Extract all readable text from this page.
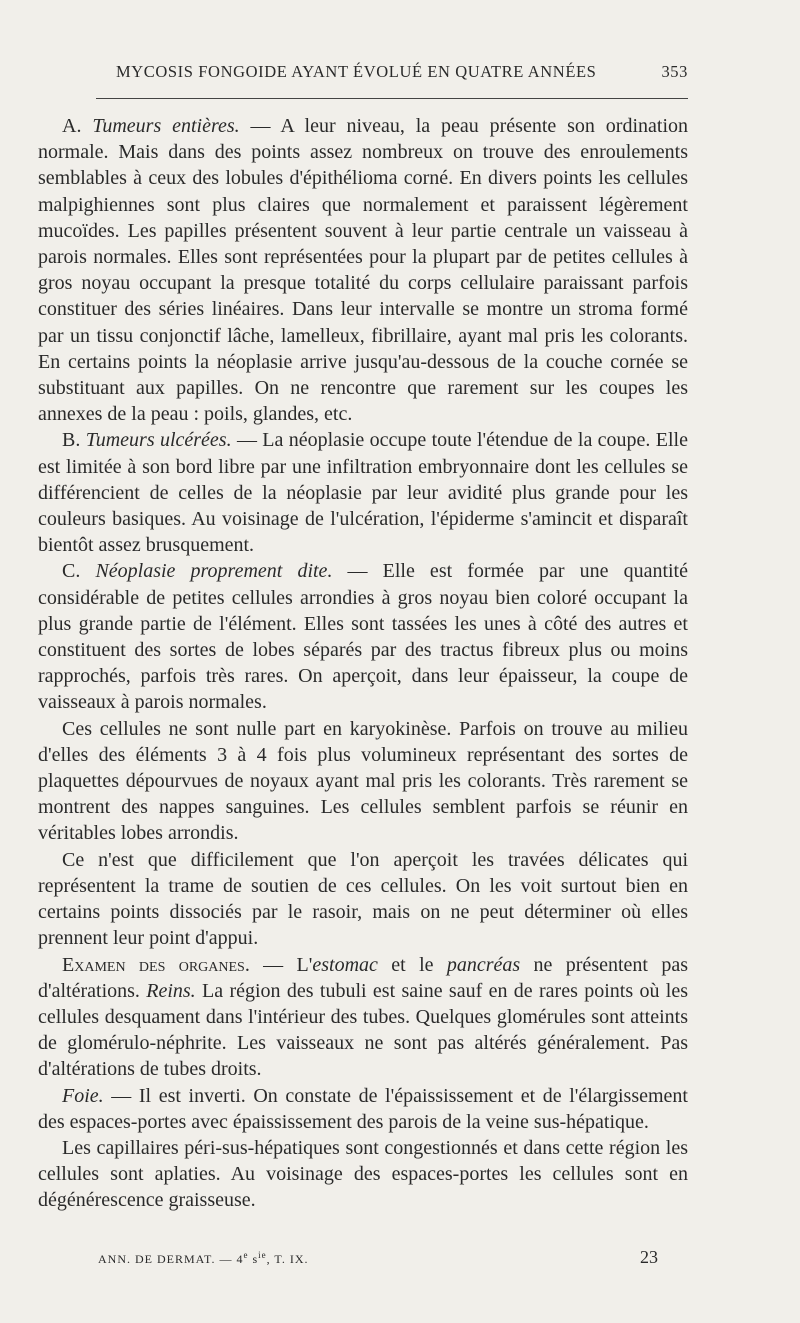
MYCOSIS FONGOIDE AYANT ÉVOLUÉ EN QUATRE ANNÉES	353

A. Tumeurs entières. — A leur niveau, la peau présente son ordination normale. Mais dans des points assez nombreux on trouve des enroulements semblables à ceux des lobules d'épithélioma corné. En divers points les cellules malpighiennes sont plus claires que normalement et paraissent légèrement mucoïdes. Les papilles présentent souvent à leur partie centrale un vaisseau à parois normales. Elles sont représentées pour la plupart par de petites cellules à gros noyau occupant la presque totalité du corps cellulaire paraissant parfois constituer des séries linéaires. Dans leur intervalle se montre un stroma formé par un tissu conjonctif lâche, lamelleux, fibrillaire, ayant mal pris les colorants. En certains points la néoplasie arrive jusqu'au-dessous de la couche cornée se substituant aux papilles. On ne rencontre que rarement sur les coupes les annexes de la peau : poils, glandes, etc.

B. Tumeurs ulcérées. — La néoplasie occupe toute l'étendue de la coupe. Elle est limitée à son bord libre par une infiltration embryonnaire dont les cellules se différencient de celles de la néoplasie par leur avidité plus grande pour les couleurs basiques. Au voisinage de l'ulcération, l'épiderme s'amincit et disparaît bientôt assez brusquement.

C. Néoplasie proprement dite. — Elle est formée par une quantité considérable de petites cellules arrondies à gros noyau bien coloré occupant la plus grande partie de l'élément. Elles sont tassées les unes à côté des autres et constituent des sortes de lobes séparés par des tractus fibreux plus ou moins rapprochés, parfois très rares. On aperçoit, dans leur épaisseur, la coupe de vaisseaux à parois normales.

Ces cellules ne sont nulle part en karyokinèse. Parfois on trouve au milieu d'elles des éléments 3 à 4 fois plus volumineux représentant des sortes de plaquettes dépourvues de noyaux ayant mal pris les colorants. Très rarement se montrent des nappes sanguines. Les cellules semblent parfois se réunir en véritables lobes arrondis.

Ce n'est que difficilement que l'on aperçoit les travées délicates qui représentent la trame de soutien de ces cellules. On les voit surtout bien en certains points dissociés par le rasoir, mais on ne peut déterminer où elles prennent leur point d'appui.

Examen des organes. — L'estomac et le pancréas ne présentent pas d'altérations. Reins. La région des tubuli est saine sauf en de rares points où les cellules desquament dans l'intérieur des tubes. Quelques glomérules sont atteints de glomérulo-néphrite. Les vaisseaux ne sont pas altérés généralement. Pas d'altérations de tubes droits.

Foie. — Il est inverti. On constate de l'épaississement et de l'élargissement des espaces-portes avec épaississement des parois de la veine sus-hépatique.

Les capillaires péri-sus-hépatiques sont congestionnés et dans cette région les cellules sont aplaties. Au voisinage des espaces-portes les cellules sont en dégénérescence graisseuse.

ANN. DE DERMAT. — 4e $s^{ie}$, T. IX.	23
